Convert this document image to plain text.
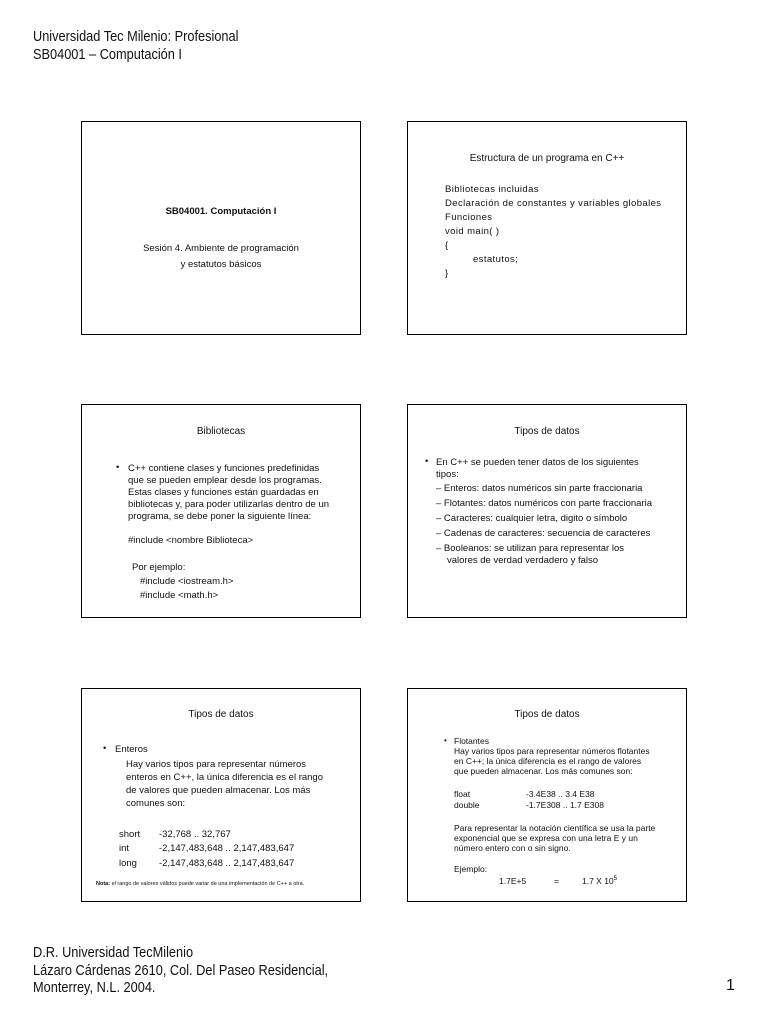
Universidad Tec Milenio: Profesional
SB04001 – Computación I
SB04001. Computación I
Sesión 4. Ambiente de programación
y estatutos básicos
Estructura de un programa en C++
Bibliotecas incluidas
Declaración de constantes y variables globales
Funciones
void main( )
{
estatutos;
}
Bibliotecas
• C++ contiene clases y funciones predefinidas
que se pueden emplear desde los programas.
Estas clases y funciones están guardadas en
bibliotecas y, para poder utilizarlas dentro de un
programa, se debe poner la siguiente línea:
#include <nombre Biblioteca>
Por ejemplo:
#include <iostream.h>
#include <math.h>
Tipos de datos
• En C++ se pueden tener datos de los siguientes
tipos:
– Enteros: datos numéricos sin parte fraccionaria
– Flotantes: datos numéricos con parte fraccionaria
– Caracteres: cualquier letra, digito o símbolo
– Cadenas de caracteres: secuencia de caracteres
– Booleanos: se utilizan para representar los
valores de verdad verdadero y falso
Tipos de datos
• Enteros
Hay varios tipos para representar números
enteros en C++, la única diferencia es el rango
de valores que pueden almacenar. Los más
comunes son:
short -32,768 .. 32,767
int	-2,147,483,648 .. 2,147,483,647
long -2,147,483,648 .. 2,147,483,647
Nota: el rango de valores válidos puede variar de una implementación de C++ a otra.
Tipos de datos
• Flotantes
Hay varios tipos para representar números flotantes
en C++; la única diferencia es el rango de valores
que pueden almacenar. Los más comunes son:
float	-3.4E38 .. 3.4 E38
double	-1.7E308 .. 1.7 E308
Para representar la notación científica se usa la parte
exponencial que se expresa con una letra E y un
número entero con o sin signo.
Ejemplo:
1.7E+5	=	1.7 X $10^5$
D.R. Universidad TecMilenio
Lázaro Cárdenas 2610, Col. Del Paseo Residencial,
Monterrey, N.L. 2004.	1
